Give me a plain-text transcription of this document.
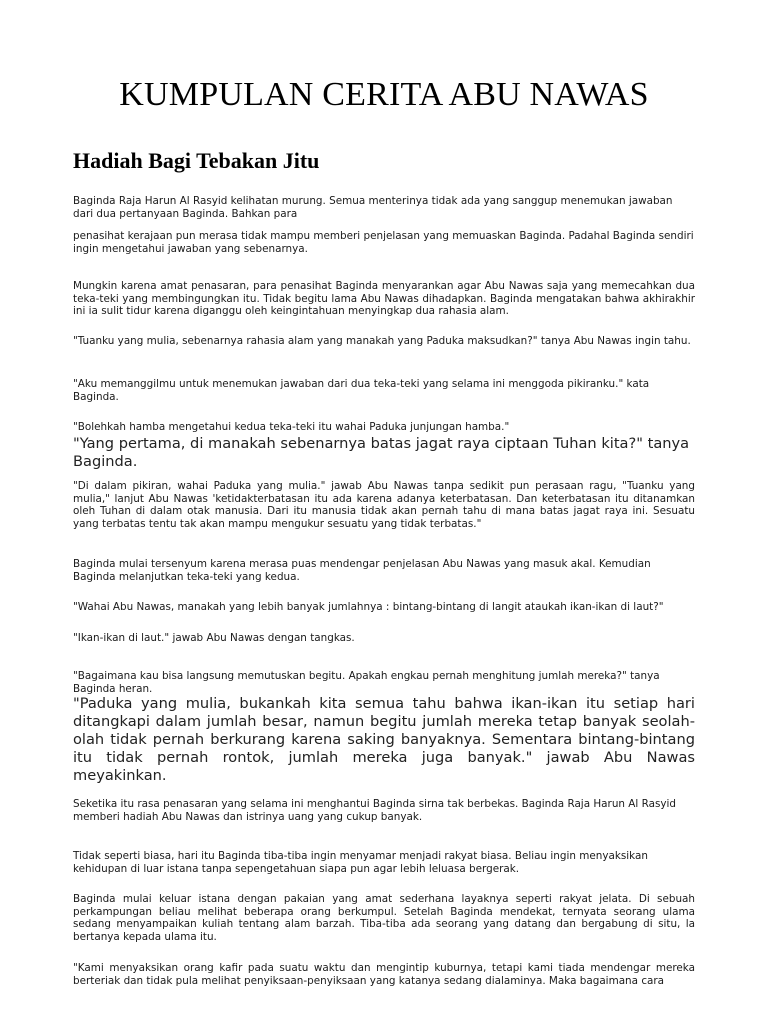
KUMPULAN CERITA ABU NAWAS
Hadiah Bagi Tebakan Jitu

Baginda Raja Harun Al Rasyid kelihatan murung. Semua menterinya tidak ada yang sanggup menemukan jawaban dari dua pertanyaan Baginda. Bahkan para

penasihat kerajaan pun merasa tidak mampu memberi penjelasan yang memuaskan Baginda. Padahal Baginda sendiri ingin mengetahui jawaban yang sebenarnya.

Mungkin karena amat penasaran, para penasihat Baginda menyarankan agar Abu Nawas saja yang memecahkan dua teka-teki yang membingungkan itu. Tidak begitu lama Abu Nawas dihadapkan. Baginda mengatakan bahwa akhirakhir ini ia sulit tidur karena diganggu oleh keingintahuan menyingkap dua rahasia alam.

"Tuanku yang mulia, sebenarnya rahasia alam yang manakah yang Paduka maksudkan?" tanya Abu Nawas ingin tahu.

"Aku memanggilmu untuk menemukan jawaban dari dua teka-teki yang selama ini menggoda pikiranku." kata Baginda.

"Bolehkah hamba mengetahui kedua teka-teki itu wahai Paduka junjungan hamba."

"Yang pertama, di manakah sebenarnya batas jagat raya ciptaan Tuhan kita?" tanya Baginda.

"Di dalam pikiran, wahai Paduka yang mulia." jawab Abu Nawas tanpa sedikit pun perasaan ragu, "Tuanku yang mulia," lanjut Abu Nawas 'ketidakterbatasan itu ada karena adanya keterbatasan. Dan keterbatasan itu ditanamkan oleh Tuhan di dalam otak manusia. Dari itu manusia tidak akan pernah tahu di mana batas jagat raya ini. Sesuatu yang terbatas tentu tak akan mampu mengukur sesuatu yang tidak terbatas."

Baginda mulai tersenyum karena merasa puas mendengar penjelasan Abu Nawas yang masuk akal. Kemudian Baginda melanjutkan teka-teki yang kedua.

"Wahai Abu Nawas, manakah yang lebih banyak jumlahnya : bintang-bintang di langit ataukah ikan-ikan di laut?"

"Ikan-ikan di laut." jawab Abu Nawas dengan tangkas.

"Bagaimana kau bisa langsung memutuskan begitu. Apakah engkau pernah menghitung jumlah mereka?" tanya Baginda heran.

"Paduka yang mulia, bukankah kita semua tahu bahwa ikan-ikan itu setiap hari ditangkapi dalam jumlah besar, namun begitu jumlah mereka tetap banyak seolah-olah tidak pernah berkurang karena saking banyaknya. Sementara bintang-bintang itu tidak pernah rontok, jumlah mereka juga banyak." jawab Abu Nawas meyakinkan.

Seketika itu rasa penasaran yang selama ini menghantui Baginda sirna tak berbekas. Baginda Raja Harun Al Rasyid memberi hadiah Abu Nawas dan istrinya uang yang cukup banyak.

Tidak seperti biasa, hari itu Baginda tiba-tiba ingin menyamar menjadi rakyat biasa. Beliau ingin menyaksikan kehidupan di luar istana tanpa sepengetahuan siapa pun agar lebih leluasa bergerak.

Baginda mulai keluar istana dengan pakaian yang amat sederhana layaknya seperti rakyat jelata. Di sebuah perkampungan beliau melihat beberapa orang berkumpul. Setelah Baginda mendekat, ternyata seorang ulama sedang menyampaikan kuliah tentang alam barzah. Tiba-tiba ada seorang yang datang dan bergabung di situ, la bertanya kepada ulama itu.

"Kami menyaksikan orang kafir pada suatu waktu dan mengintip kuburnya, tetapi kami tiada mendengar mereka berteriak dan tidak pula melihat penyiksaan-penyiksaan yang katanya sedang dialaminya. Maka bagaimana cara
